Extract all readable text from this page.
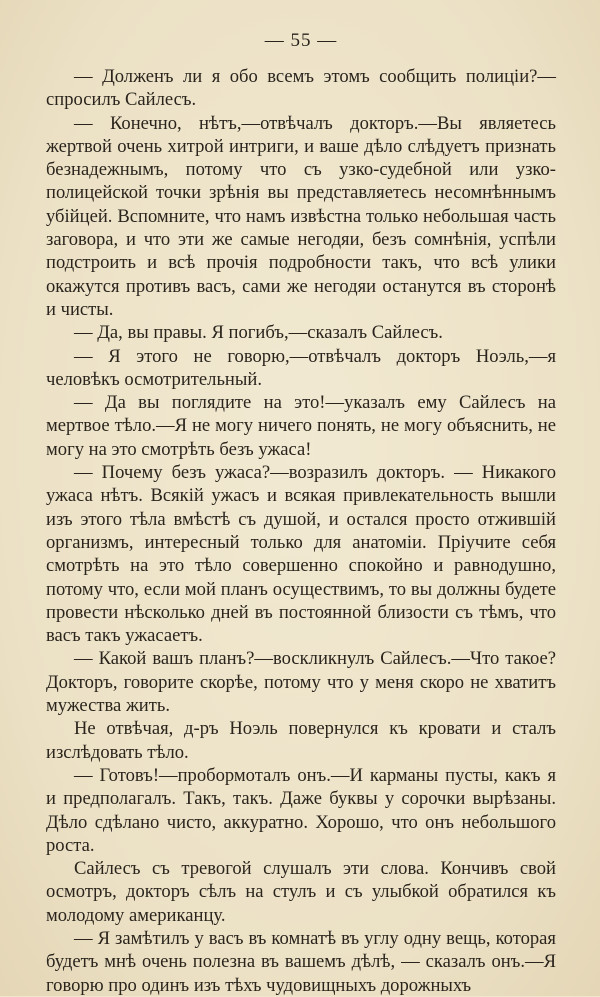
— 55 —

— Долженъ ли я обо всемъ этомъ сообщить полиціи?— спросилъ Сайлесъ.

— Конечно, нѣтъ,—отвѣчалъ докторъ.—Вы являетесь жертвой очень хитрой интриги, и ваше дѣло слѣдуетъ признать безнадежнымъ, потому что съ узко-судебной или узко-полицейской точки зрѣнія вы представляетесь несомнѣннымъ убійцей. Вспомните, что намъ извѣстна только небольшая часть заговора, и что эти же самые негодяи, безъ сомнѣнія, успѣли подстроить и всѣ прочія подробности такъ, что всѣ улики окажутся противъ васъ, сами же негодяи останутся въ сторонѣ и чисты.

— Да, вы правы. Я погибъ,—сказалъ Сайлесъ.

— Я этого не говорю,—отвѣчалъ докторъ Ноэль,—я человѣкъ осмотрительный.

— Да вы поглядите на это!—указалъ ему Сайлесъ на мертвое тѣло.—Я не могу ничего понять, не могу объяснить, не могу на это смотрѣть безъ ужаса!

— Почему безъ ужаса?—возразилъ докторъ. — Никакого ужаса нѣтъ. Всякій ужасъ и всякая привлекательность вышли изъ этого тѣла вмѣстѣ съ душой, и остался просто отжившій организмъ, интересный только для анатоміи. Пріучите себя смотрѣть на это тѣло совершенно спокойно и равнодушно, потому что, если мой планъ осуществимъ, то вы должны будете провести нѣсколько дней въ постоянной близости съ тѣмъ, что васъ такъ ужасаетъ.

— Какой вашъ планъ?—воскликнулъ Сайлесъ.—Что такое? Докторъ, говорите скорѣе, потому что у меня скоро не хватитъ мужества жить.

Не отвѣчая, д-ръ Ноэль повернулся къ кровати и сталъ изслѣдовать тѣло.

— Готовъ!—пробормоталъ онъ.—И карманы пусты, какъ я и предполагалъ. Такъ, такъ. Даже буквы у сорочки вырѣзаны. Дѣло сдѣлано чисто, аккуратно. Хорошо, что онъ небольшого роста.

Сайлесъ съ тревогой слушалъ эти слова. Кончивъ свой осмотръ, докторъ сѣлъ на стулъ и съ улыбкой обратился къ молодому американцу.

— Я замѣтилъ у васъ въ комнатѣ въ углу одну вещь, которая будетъ мнѣ очень полезна въ вашемъ дѣлѣ, — сказалъ онъ.—Я говорю про одинъ изъ тѣхъ чудовищныхъ дорожныхъ
